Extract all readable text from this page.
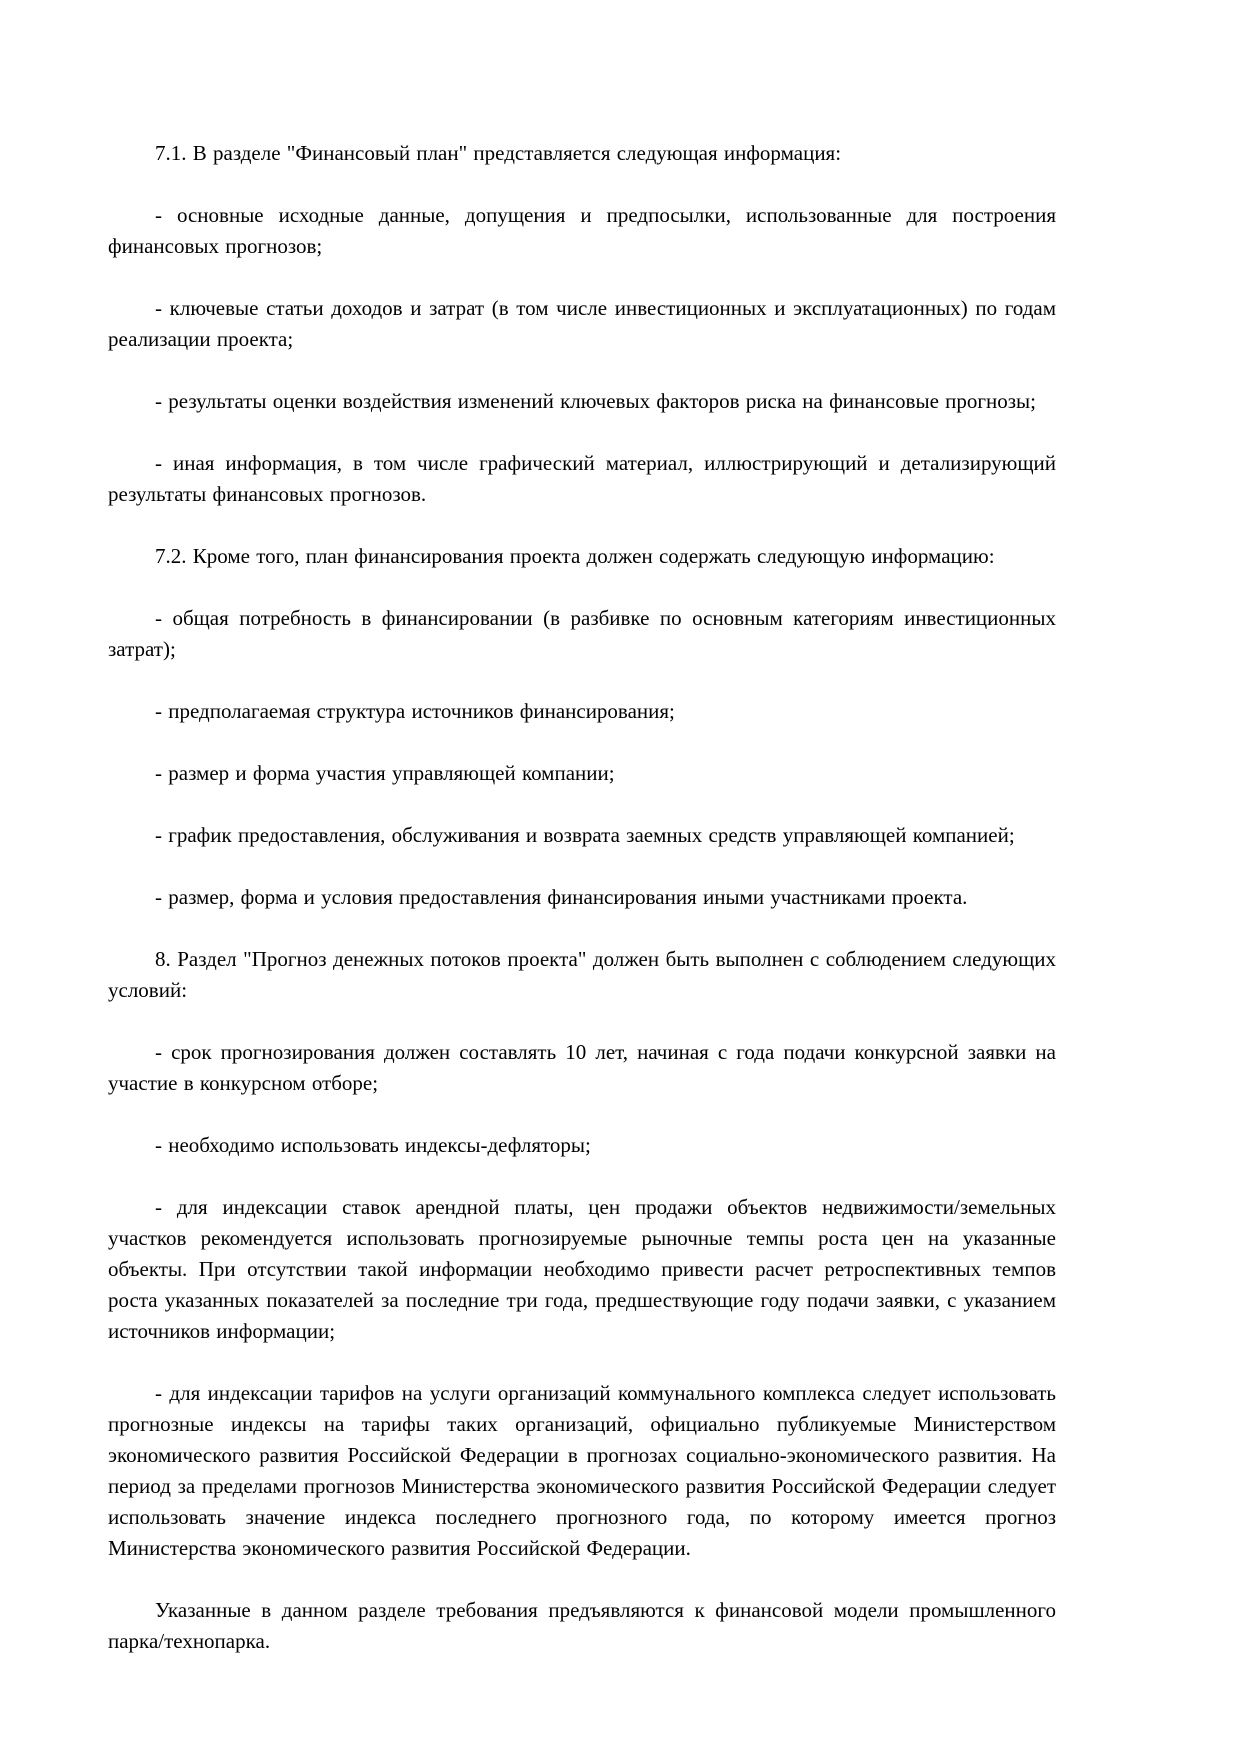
7.1. В разделе "Финансовый план" представляется следующая информация:

- основные исходные данные, допущения и предпосылки, использованные для построения финансовых прогнозов;

- ключевые статьи доходов и затрат (в том числе инвестиционных и эксплуатационных) по годам реализации проекта;

- результаты оценки воздействия изменений ключевых факторов риска на финансовые прогнозы;

- иная информация, в том числе графический материал, иллюстрирующий и детализирующий результаты финансовых прогнозов.

7.2. Кроме того, план финансирования проекта должен содержать следующую информацию:

- общая потребность в финансировании (в разбивке по основным категориям инвестиционных затрат);

- предполагаемая структура источников финансирования;

- размер и форма участия управляющей компании;

- график предоставления, обслуживания и возврата заемных средств управляющей компанией;

- размер, форма и условия предоставления финансирования иными участниками проекта.

8. Раздел "Прогноз денежных потоков проекта" должен быть выполнен с соблюдением следующих условий:

- срок прогнозирования должен составлять 10 лет, начиная с года подачи конкурсной заявки на участие в конкурсном отборе;

- необходимо использовать индексы-дефляторы;

- для индексации ставок арендной платы, цен продажи объектов недвижимости/земельных участков рекомендуется использовать прогнозируемые рыночные темпы роста цен на указанные объекты. При отсутствии такой информации необходимо привести расчет ретроспективных темпов роста указанных показателей за последние три года, предшествующие году подачи заявки, с указанием источников информации;

- для индексации тарифов на услуги организаций коммунального комплекса следует использовать прогнозные индексы на тарифы таких организаций, официально публикуемые Министерством экономического развития Российской Федерации в прогнозах социально-экономического развития. На период за пределами прогнозов Министерства экономического развития Российской Федерации следует использовать значение индекса последнего прогнозного года, по которому имеется прогноз Министерства экономического развития Российской Федерации.

Указанные в данном разделе требования предъявляются к финансовой модели промышленного парка/технопарка.
